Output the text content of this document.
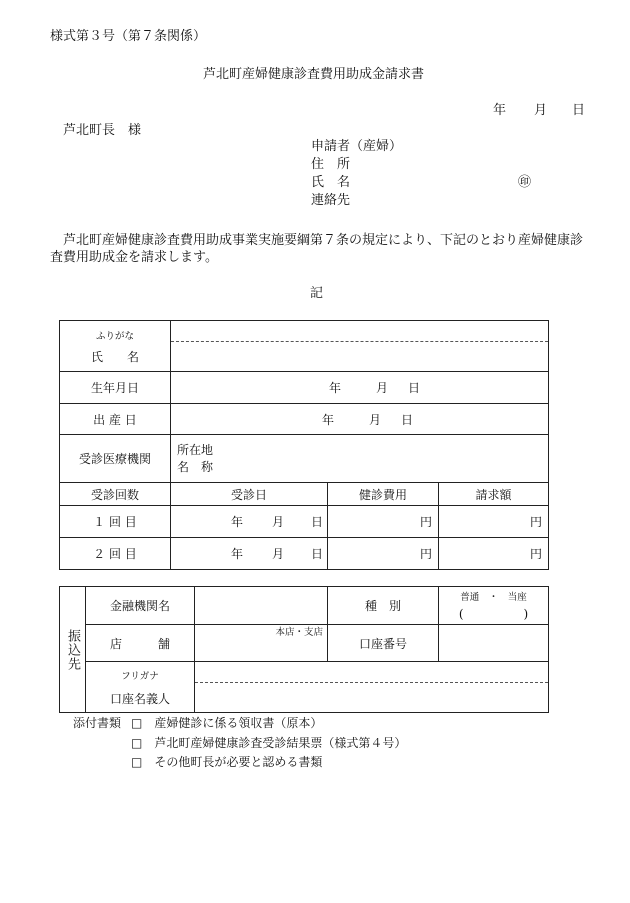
様式第３号（第７条関係）
芦北町産婦健康診査費用助成金請求書
年 月 日
芦北町長　様
申請者（産婦）
住　所
氏　名	㊞
連絡先
芦北町産婦健康診査費用助成事業実施要綱第７条の規定により、下記のとおり産婦健康診
査費用助成金を請求します。
記
ふりがな
氏　　名			

生年月日	年 月 日		

出 産 日	年 月 日		

受診医療機関	所在地
名　称		

受診回数	受診日	健診費用	請求額
１ 回 目	年 月 日	円	円
２ 回 目	年 月 日	円	円
振込先	金融機関名		種　別	普通　・　当座
(　　　　　)

	店　　　舗	本店・支店	口座番号	

	フリガナ
口座名義人			

添付書類 □　産婦健診に係る領収書（原本）
□　芦北町産婦健康診査受診結果票（様式第４号）
□　その他町長が必要と認める書類
